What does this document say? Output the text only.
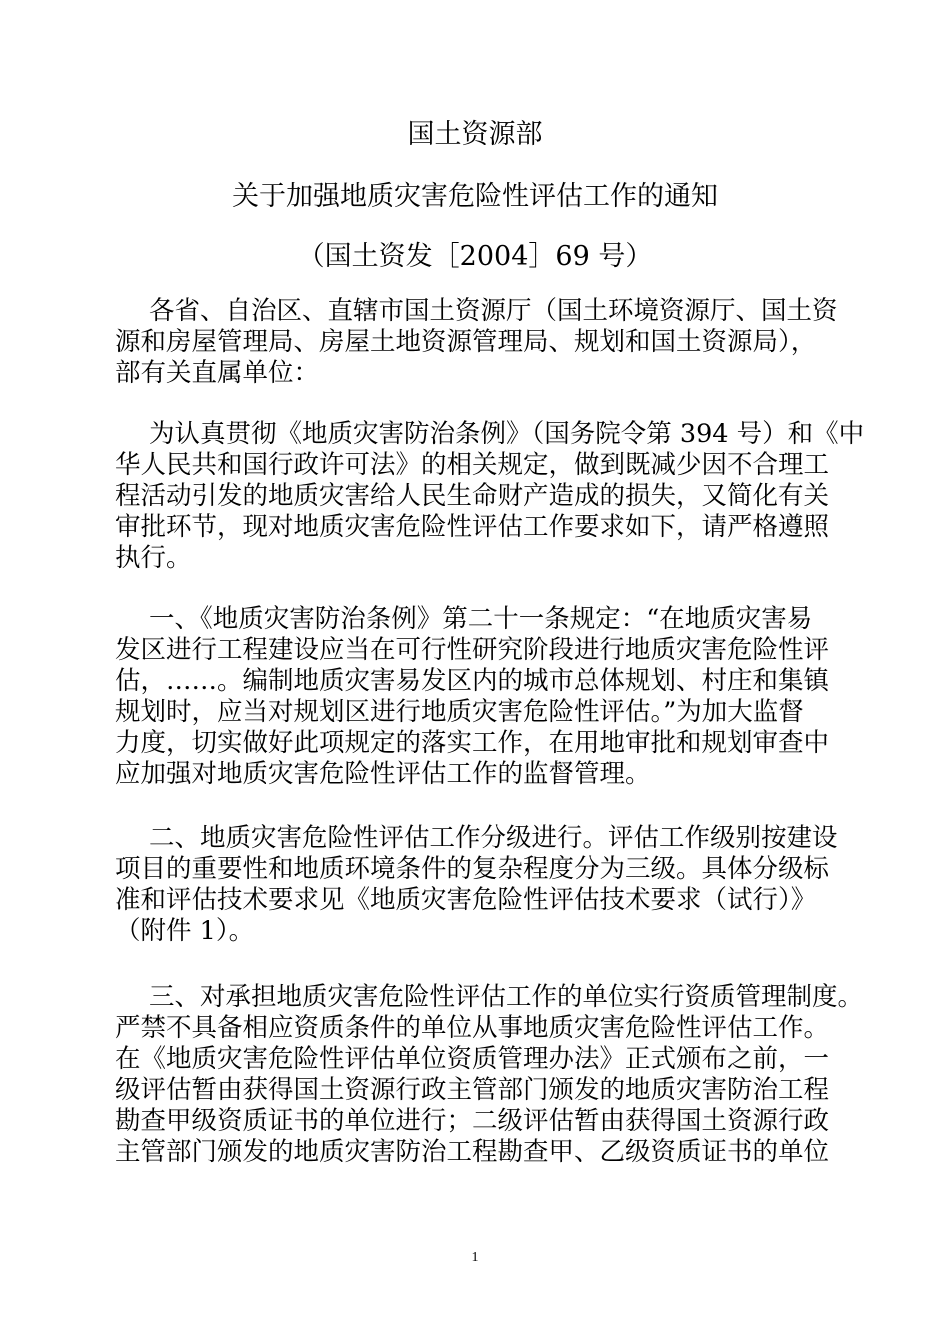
国土资源部
关于加强地质灾害危险性评估工作的通知
（国土资发［2004］69 号）
各省、自治区、直辖市国土资源厅（国土环境资源厅、国土资
源和房屋管理局、房屋土地资源管理局、规划和国土资源局），
部有关直属单位：
为认真贯彻《地质灾害防治条例》（国务院令第 394 号）和《中
华人民共和国行政许可法》的相关规定，做到既减少因不合理工
程活动引发的地质灾害给人民生命财产造成的损失，又简化有关
审批环节，现对地质灾害危险性评估工作要求如下，请严格遵照
执行。
一、《地质灾害防治条例》第二十一条规定：“在地质灾害易
发区进行工程建设应当在可行性研究阶段进行地质灾害危险性评
估，……。编制地质灾害易发区内的城市总体规划、村庄和集镇
规划时，应当对规划区进行地质灾害危险性评估。”为加大监督
力度，切实做好此项规定的落实工作，在用地审批和规划审查中
应加强对地质灾害危险性评估工作的监督管理。
二、地质灾害危险性评估工作分级进行。评估工作级别按建设
项目的重要性和地质环境条件的复杂程度分为三级。具体分级标
准和评估技术要求见《地质灾害危险性评估技术要求（试行）》
（附件 1）。
三、对承担地质灾害危险性评估工作的单位实行资质管理制度。
严禁不具备相应资质条件的单位从事地质灾害危险性评估工作。
在《地质灾害危险性评估单位资质管理办法》正式颁布之前，一
级评估暂由获得国土资源行政主管部门颁发的地质灾害防治工程
勘查甲级资质证书的单位进行；二级评估暂由获得国土资源行政
主管部门颁发的地质灾害防治工程勘查甲、乙级资质证书的单位
1
